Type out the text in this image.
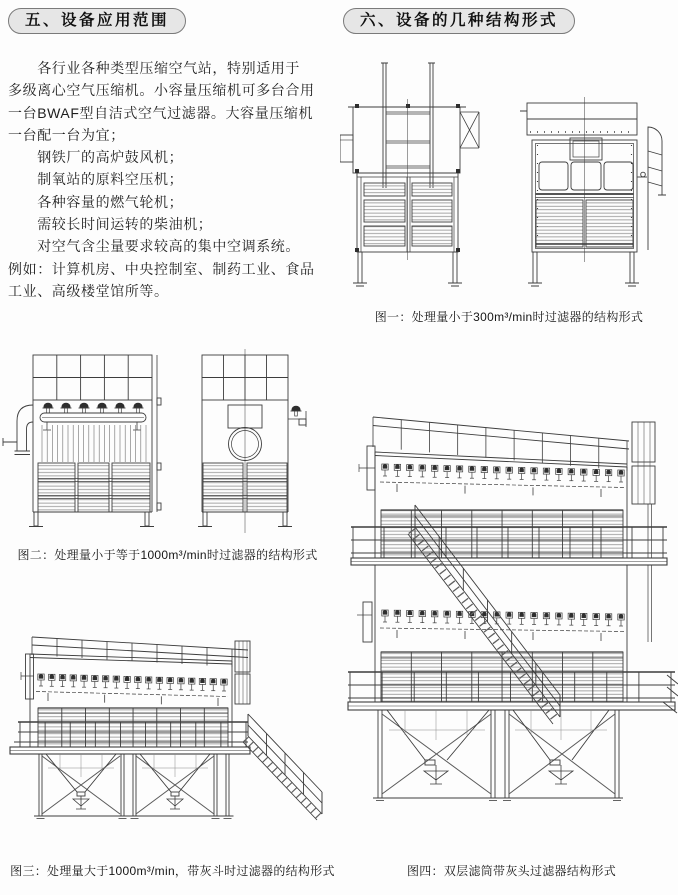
五、设备应用范围	六、设备的几种结构形式
　　各行业各种类型压缩空气站，特别适用于
多级离心空气压缩机。小容量压缩机可多台合用
一台BWAF型自洁式空气过滤器。大容量压缩机
一台配一台为宜；
　　钢铁厂的高炉鼓风机；
　　制氧站的原料空压机；
　　各种容量的燃气轮机；
　　需较长时间运转的柴油机；
　　对空气含尘量要求较高的集中空调系统。
例如：计算机房、中央控制室、制药工业、食品
工业、高级楼堂馆所等。
图一：处理量小于300m³/min时过滤器的结构形式
图二：处理量小于等于1000m³/min时过滤器的结构形式
图三：处理量大于1000m³/min，带灰斗时过滤器的结构形式	图四：双层滤筒带灰头过滤器结构形式
